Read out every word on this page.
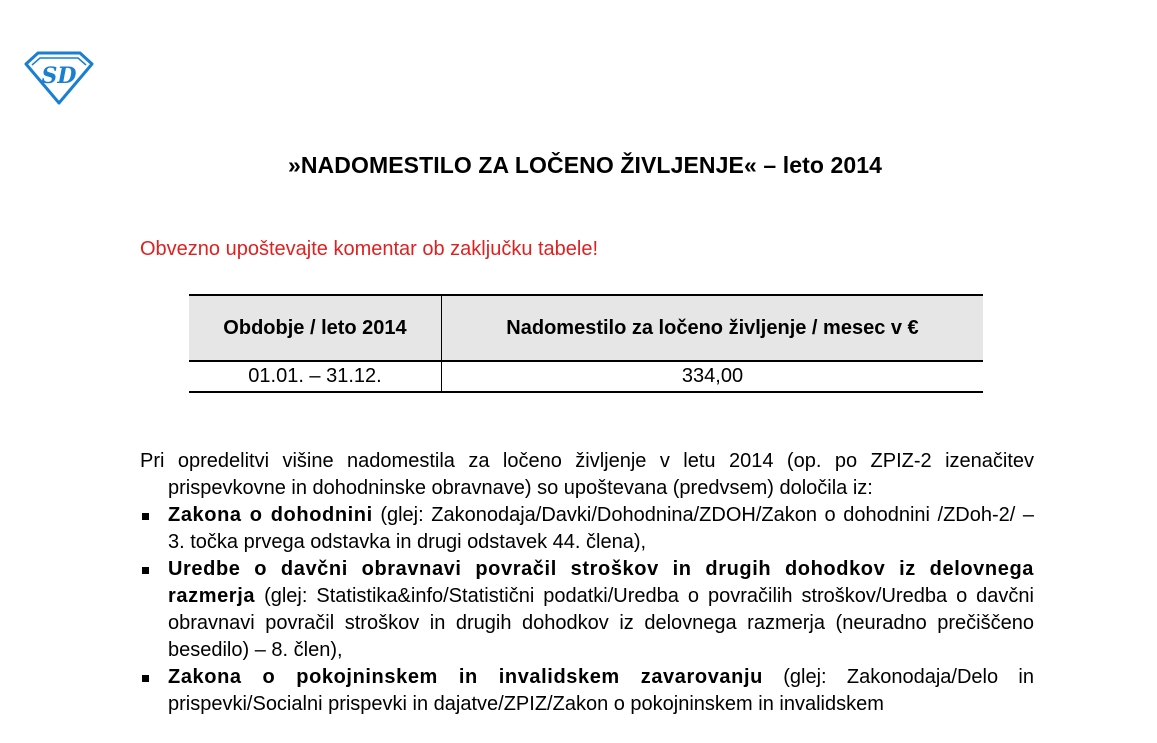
SD
»NADOMESTILO ZA LOČENO ŽIVLJENJE« – leto 2014

Obvezno upoštevajte komentar ob zaključku tabele!

Obdobje / leto 2014	Nadomestilo za ločeno življenje / mesec v €
01.01. – 31.12.	334,00

Pri opredelitvi višine nadomestila za ločeno življenje v letu 2014 (op. po ZPIZ-2 izenačitev prispevkovne in dohodninske obravnave) so upoštevana (predvsem) določila iz:

Zakona o dohodnini (glej: Zakonodaja/Davki/Dohodnina/ZDOH/Zakon o dohodnini /ZDoh-2/ – 3. točka prvega odstavka in drugi odstavek 44. člena),
Uredbe o davčni obravnavi povračil stroškov in drugih dohodkov iz delovnega razmerja (glej: Statistika&info/Statistični podatki/Uredba o povračilih stroškov/Uredba o davčni obravnavi povračil stroškov in drugih dohodkov iz delovnega razmerja (neuradno prečiščeno besedilo) – 8. člen),
Zakona o pokojninskem in invalidskem zavarovanju (glej: Zakonodaja/Delo in prispevki/Socialni prispevki in dajatve/ZPIZ/Zakon o pokojninskem in invalidskem
